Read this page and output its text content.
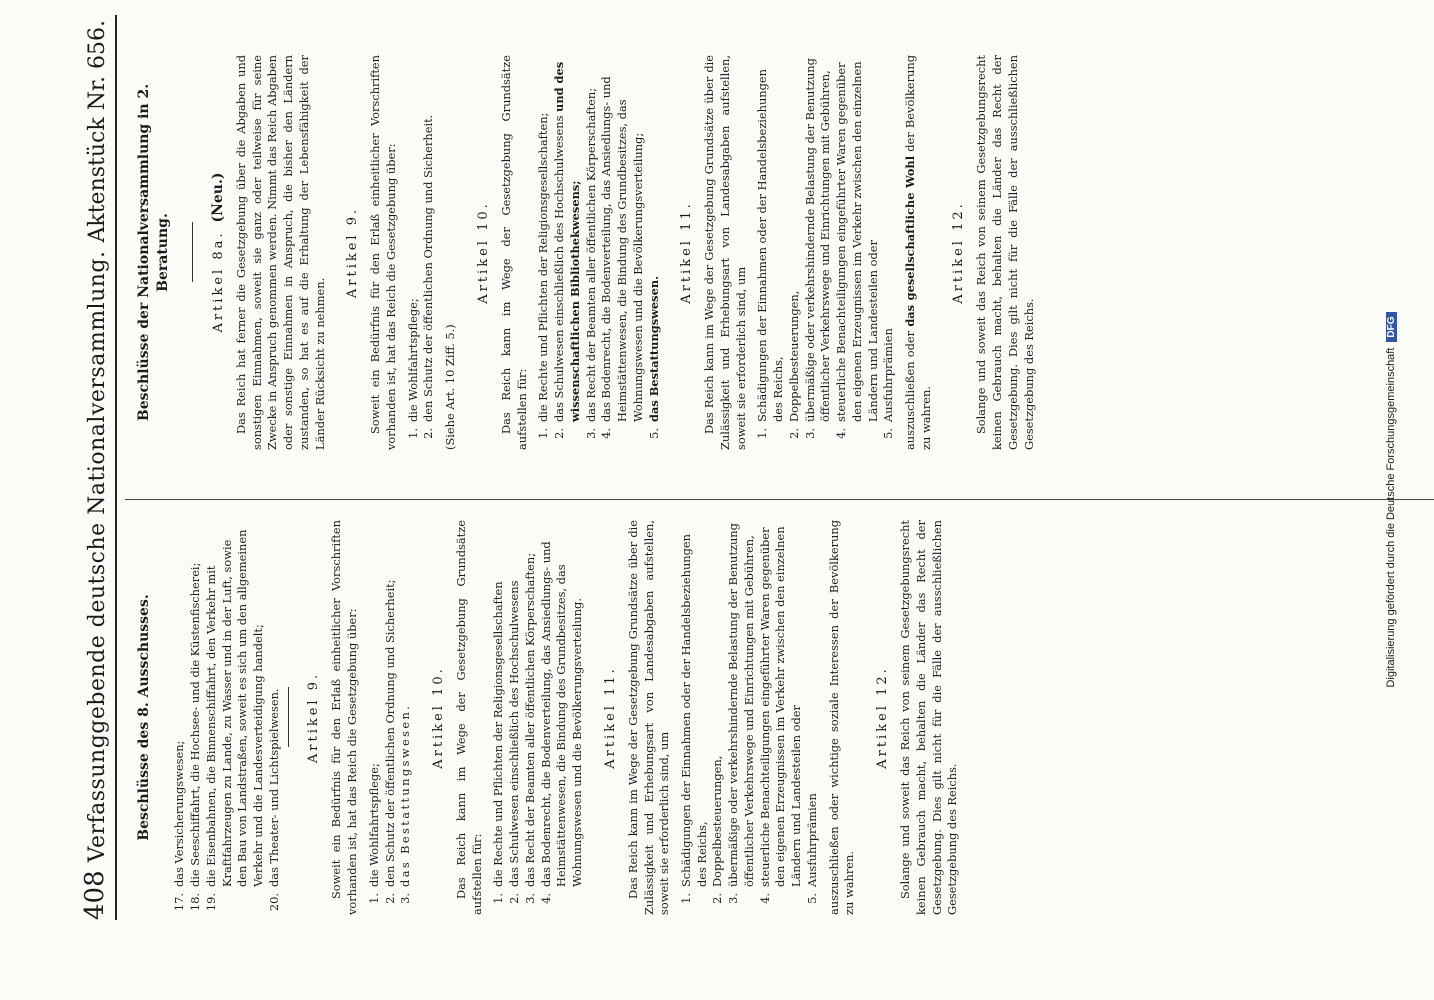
408
Verfassunggebende deutsche Nationalversammlung.
Aktenstück Nr. 656.
Beschlüsse des 8. Ausschusses.
17.
das Versicherungswesen;
18.
die Seeschiffahrt, die Hochsee- und die Küstenfischerei;
19.
die Eisenbahnen, die Binnenschiffahrt, den Verkehr mit Kraftfahrzeugen zu Lande, zu Wasser und in der Luft, sowie den Bau von Landstraßen, soweit es sich um den allgemeinen Verkehr und die Landesverteidigung handelt;
20.
das Theater- und Lichtspielwesen. Artikel 9. Soweit ein Bedürfnis für den Erlaß einheitlicher Vorschriften vorhanden ist, hat das Reich die Gesetzgebung über: 1.
die Wohlfahrtspflege;
2.
den Schutz der öffentlichen Ordnung und Sicherheit;
3.
das Bestattungswesen. Artikel 10. Das Reich kann im Wege der Gesetzgebung Grundsätze aufstellen für: 1.
die Rechte und Pflichten der Religionsgesellschaften
2.
das Schulwesen einschließlich des Hochschulwesens
3.
das Recht der Beamten aller öffentlichen Körperschaften;
4.
das Bodenrecht, die Bodenverteilung, das Ansiedlungs- und Heimstättenwesen, die Bindung des Grundbesitzes, das Wohnungswesen und die Bevölkerungsverteilung. Artikel 11. Das Reich kann im Wege der Gesetzgebung Grundsätze über die Zulässigkeit und Erhebungsart von Landesabgaben aufstellen, soweit sie erforderlich sind, um 1.
Schädigungen der Einnahmen oder der Handelsbeziehungen des Reichs,
2.
Doppelbesteuerungen,
3.
übermäßige oder verkehrshindernde Belastung der Benutzung öffentlicher Verkehrswege und Einrichtungen mit Gebühren,
4.
steuerliche Benachteiligungen eingeführter Waren gegenüber den eigenen Erzeugnissen im Verkehr zwischen den einzelnen Ländern und Landesteilen oder
5.
Ausfuhrprämien auszuschließen oder wichtige soziale Interessen der Bevölkerung zu wahren.

Artikel 12. Solange und soweit das Reich von seinem Gesetzgebungsrecht keinen Gebrauch macht, behalten die Länder das Recht der Gesetzgebung. Dies gilt nicht für die Fälle der ausschließlichen Gesetzgebung des Reichs.

Beschlüsse der Nationalversammlung in 2. Beratung.	Artikel 8a.(Neu.) Das Reich hat ferner die Gesetzgebung über die Abgaben und sonstigen Einnahmen, soweit sie ganz oder teilweise für seine Zwecke in Anspruch genommen werden. Nimmt das Reich Abgaben oder sonstige Einnahmen in Anspruch, die bisher den Ländern zustanden, so hat es auf die Erhaltung der Lebensfähigkeit der Länder Rücksicht zu nehmen.

Artikel 9. Soweit ein Bedürfnis für den Erlaß einheitlicher Vorschriften vorhanden ist, hat das Reich die Gesetzgebung über: 1.
die Wohlfahrtspflege;
2.
den Schutz der öffentlichen Ordnung und Sicherheit. (Siehe Art. 10 Ziff. 5.)

Artikel 10. Das Reich kann im Wege der Gesetzgebung Grundsätze aufstellen für: 1.
die Rechte und Pflichten der Religionsgesellschaften;
2.
das Schulwesen einschließlich des Hochschulwesens und des wissenschaftlichen Bibliothekwesens;
3.
das Recht der Beamten aller öffentlichen Körperschaften;
4.
das Bodenrecht, die Bodenverteilung, das Ansiedlungs- und Heimstättenwesen, die Bindung des Grundbesitzes, das Wohnungswesen und die Bevölkerungsverteilung;
5.
das Bestattungswesen.
Artikel 11. Das Reich kann im Wege der Gesetzgebung Grundsätze über die Zulässigkeit und Erhebungsart von Landesabgaben aufstellen, soweit sie erforderlich sind, um 1.
Schädigungen der Einnahmen oder der Handelsbeziehungen des Reichs,
2.
Doppelbesteuerungen,
3.
übermäßige oder verkehrshindernde Belastung der Benutzung öffentlicher Verkehrswege und Einrichtungen mit Gebühren,
4.
steuerliche Benachteiligungen eingeführter Waren gegenüber den eigenen Erzeugnissen im Verkehr zwischen den einzelnen Ländern und Landesteilen oder
5.
Ausfuhrprämien auszuschließen oder das gesellschaftliche Wohl der Bevölkerung zu wahren.

Artikel 12. Solange und soweit das Reich von seinem Gesetzgebungsrecht keinen Gebrauch macht, behalten die Länder das Recht der Gesetzgebung. Dies gilt nicht für die Fälle der ausschließlichen Gesetzgebung des Reichs.	Digitalisierung gefördert durch die Deutsche ForschungsgemeinschaftDFG
